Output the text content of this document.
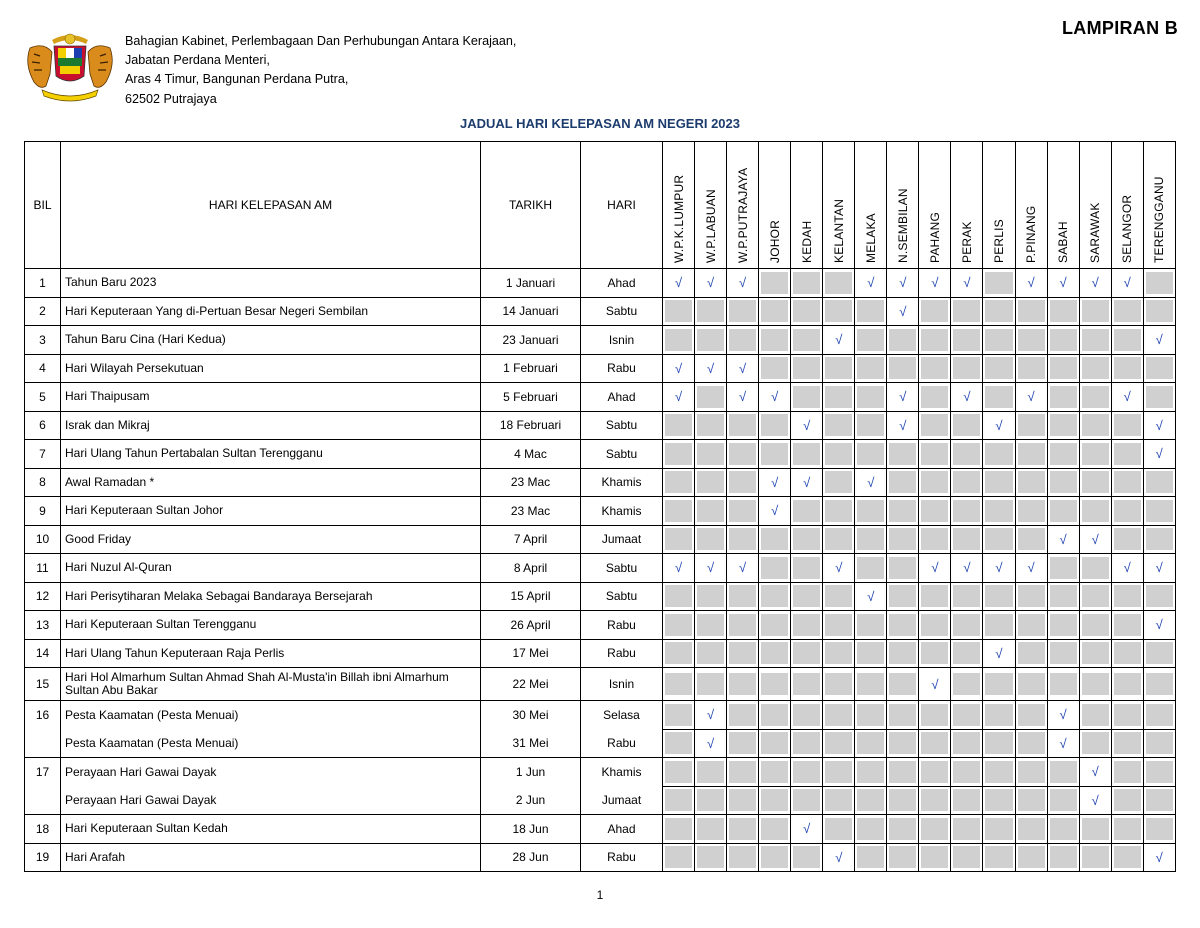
Bahagian Kabinet, Perlembagaan Dan Perhubungan Antara Kerajaan,
Jabatan Perdana Menteri,
Aras 4 Timur, Bangunan Perdana Putra,
62502 Putrajaya
LAMPIRAN B
JADUAL HARI KELEPASAN AM NEGERI 2023
BIL	HARI KELEPASAN AM	TARIKH	HARI	W.P.K.LUMPUR	W.P.LABUAN	W.P.PUTRAJAYA	JOHOR	KEDAH	KELANTAN	MELAKA	N.SEMBILAN	PAHANG	PERAK	PERLIS	P.PINANG	SABAH	SARAWAK	SELANGOR	TERENGGANU

1	Tahun Baru 2023	1 Januari	Ahad	√	√	√				√	√	√	√		√	√	√	√	

2	Hari Keputeraan Yang di-Pertuan Besar Negeri Sembilan	14 Januari	Sabtu								√								

3	Tahun Baru Cina (Hari Kedua)	23 Januari	Isnin						√										√

4	Hari Wilayah Persekutuan	1 Februari	Rabu	√	√	√													

5	Hari Thaipusam	5 Februari	Ahad	√		√	√				√		√		√			√	

6	Israk dan Mikraj	18 Februari	Sabtu					√			√			√					√

7	Hari Ulang Tahun Pertabalan Sultan Terengganu	4 Mac	Sabtu																√

8	Awal Ramadan *	23 Mac	Khamis				√	√		√									

9	Hari Keputeraan Sultan Johor	23 Mac	Khamis				√												

10	Good Friday	7 April	Jumaat													√	√		

11	Hari Nuzul Al-Quran	8 April	Sabtu	√	√	√			√			√	√	√	√			√	√

12	Hari Perisytiharan Melaka Sebagai Bandaraya Bersejarah	15 April	Sabtu							√									

13	Hari Keputeraan Sultan Terengganu	26 April	Rabu																√

14	Hari Ulang Tahun Keputeraan Raja Perlis	17 Mei	Rabu											√					

15	Hari Hol Almarhum Sultan Ahmad Shah Al-Musta'in Billah ibni Almarhum Sultan Abu Bakar	22 Mei	Isnin									√							

16	Pesta Kaamatan (Pesta Menuai)	30 Mei	Selasa		√											√			

	Pesta Kaamatan (Pesta Menuai)	31 Mei	Rabu		√											√			

17	Perayaan Hari Gawai Dayak	1 Jun	Khamis														√		

	Perayaan Hari Gawai Dayak	2 Jun	Jumaat														√		

18	Hari Keputeraan Sultan Kedah	18 Jun	Ahad					√											

19	Hari Arafah	28 Jun	Rabu						√										√
1
